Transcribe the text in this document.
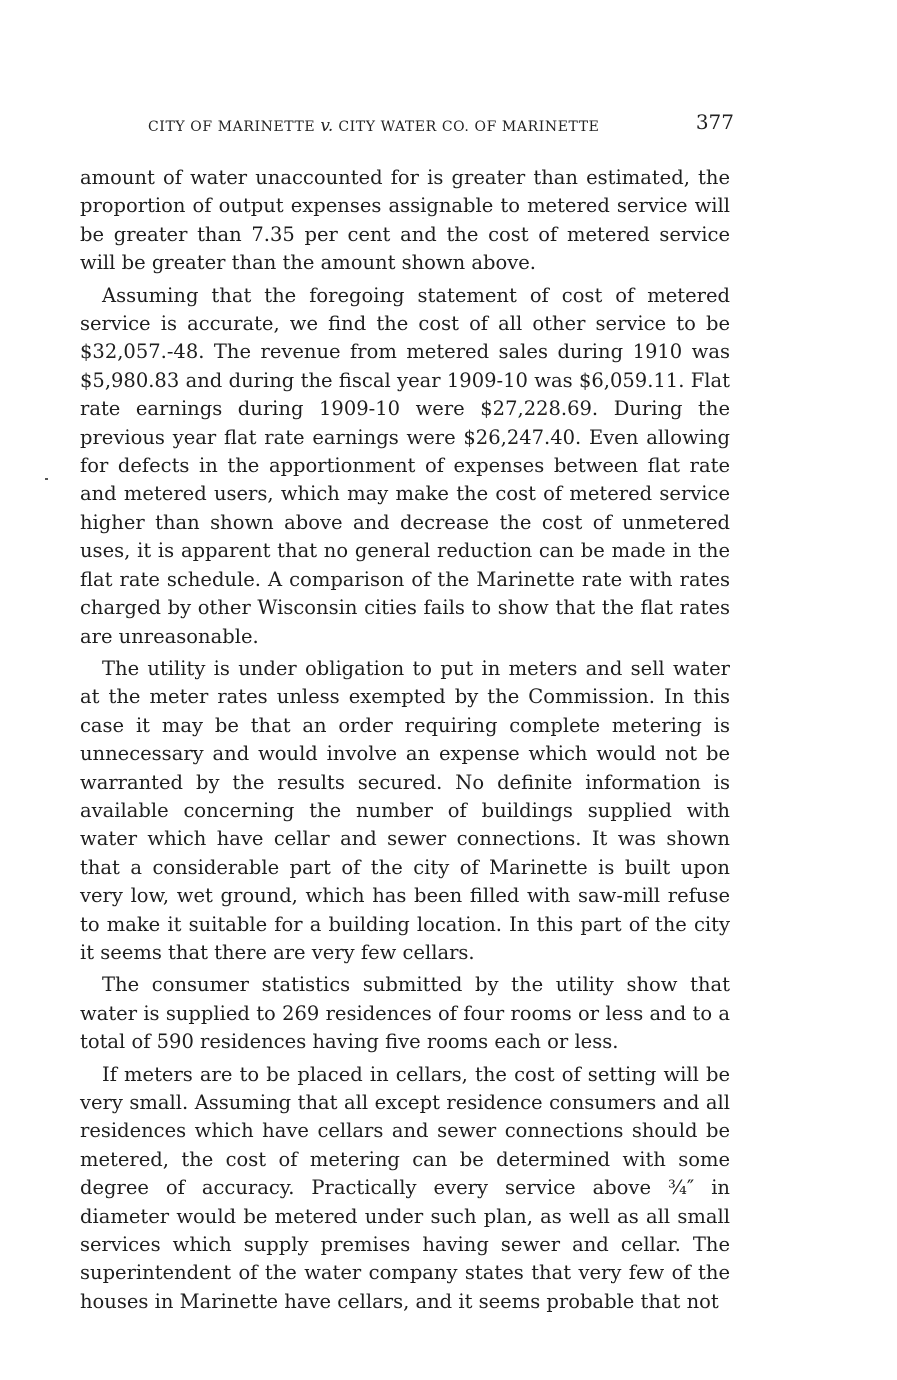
CITY OF MARINETTE v. CITY WATER CO. OF MARINETTE	377

amount of water unaccounted for is greater than estimated, the proportion of output expenses assignable to metered service will be greater than 7.35 per cent and the cost of metered service will be greater than the amount shown above.

Assuming that the foregoing statement of cost of metered service is accurate, we find the cost of all other service to be $32,057.-48. The revenue from metered sales during 1910 was $5,980.83 and during the fiscal year 1909-10 was $6,059.11. Flat rate earnings during 1909-10 were $27,228.69. During the previous year flat rate earnings were $26,247.40. Even allowing for defects in the apportionment of expenses between flat rate and metered users, which may make the cost of metered service higher than shown above and decrease the cost of unmetered uses, it is apparent that no general reduction can be made in the flat rate schedule. A comparison of the Marinette rate with rates charged by other Wisconsin cities fails to show that the flat rates are unreasonable.

The utility is under obligation to put in meters and sell water at the meter rates unless exempted by the Commission. In this case it may be that an order requiring complete metering is unnecessary and would involve an expense which would not be warranted by the results secured. No definite information is available concerning the number of buildings supplied with water which have cellar and sewer connections. It was shown that a considerable part of the city of Marinette is built upon very low, wet ground, which has been filled with saw-mill refuse to make it suitable for a building location. In this part of the city it seems that there are very few cellars.

The consumer statistics submitted by the utility show that water is supplied to 269 residences of four rooms or less and to a total of 590 residences having five rooms each or less.

If meters are to be placed in cellars, the cost of setting will be very small. Assuming that all except residence consumers and all residences which have cellars and sewer connections should be metered, the cost of metering can be determined with some degree of accuracy. Practically every service above ¾″ in diameter would be metered under such plan, as well as all small services which supply premises having sewer and cellar. The superintendent of the water company states that very few of the houses in Marinette have cellars, and it seems probable that not
